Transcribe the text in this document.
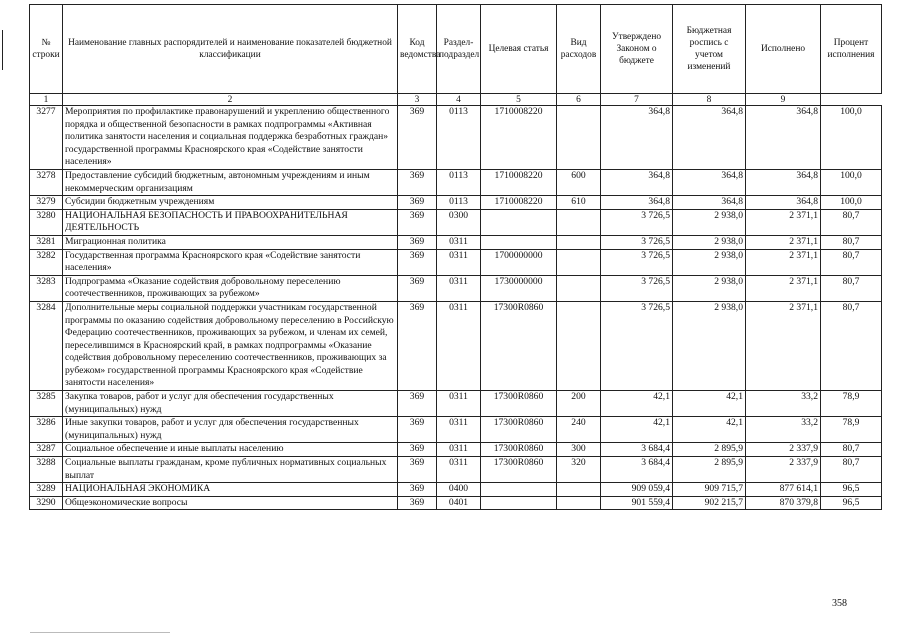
№ строки	Наименование главных распорядителей и наименование показателей бюджетной классификации	Код ведомства	Раздел-подраздел	Целевая статья	Вид расходов	Утверждено Законом о бюджете	Бюджетная роспись с учетом изменений	Исполнено	Процент исполнения
1	2	3	4	5	6	7	8	9	
3277	Мероприятия по профилактике правонарушений и укреплению общественного порядка и общественной безопасности в рамках подпрограммы «Активная политика занятости населения и социальная поддержка безработных граждан» государственной программы Красноярского края «Содействие занятости населения»	369	0113	1710008220		364,8	364,8	364,8	100,0
3278	Предоставление субсидий бюджетным, автономным учреждениям и иным некоммерческим организациям	369	0113	1710008220	600	364,8	364,8	364,8	100,0
3279	Субсидии бюджетным учреждениям	369	0113	1710008220	610	364,8	364,8	364,8	100,0
3280	НАЦИОНАЛЬНАЯ БЕЗОПАСНОСТЬ И ПРАВООХРАНИТЕЛЬНАЯ ДЕЯТЕЛЬНОСТЬ	369	0300			3 726,5	2 938,0	2 371,1	80,7
3281	Миграционная политика	369	0311			3 726,5	2 938,0	2 371,1	80,7
3282	Государственная программа Красноярского края «Содействие занятости населения»	369	0311	1700000000		3 726,5	2 938,0	2 371,1	80,7
3283	Подпрограмма «Оказание содействия добровольному переселению соотечественников, проживающих за рубежом»	369	0311	1730000000		3 726,5	2 938,0	2 371,1	80,7
3284	Дополнительные меры социальной поддержки участникам государственной программы по оказанию содействия добровольному переселению в Российскую Федерацию соотечественников, проживающих за рубежом, и членам их семей, переселившимся в Красноярский край, в рамках подпрограммы «Оказание содействия добровольному переселению соотечественников, проживающих за рубежом» государственной программы Красноярского края «Содействие занятости населения»	369	0311	17300R0860		3 726,5	2 938,0	2 371,1	80,7
3285	Закупка товаров, работ и услуг для обеспечения государственных (муниципальных) нужд	369	0311	17300R0860	200	42,1	42,1	33,2	78,9
3286	Иные закупки товаров, работ и услуг для обеспечения государственных (муниципальных) нужд	369	0311	17300R0860	240	42,1	42,1	33,2	78,9
3287	Социальное обеспечение и иные выплаты населению	369	0311	17300R0860	300	3 684,4	2 895,9	2 337,9	80,7
3288	Социальные выплаты гражданам, кроме публичных нормативных социальных выплат	369	0311	17300R0860	320	3 684,4	2 895,9	2 337,9	80,7
3289	НАЦИОНАЛЬНАЯ ЭКОНОМИКА	369	0400			909 059,4	909 715,7	877 614,1	96,5
3290	Общеэкономические вопросы	369	0401			901 559,4	902 215,7	870 379,8	96,5
358
